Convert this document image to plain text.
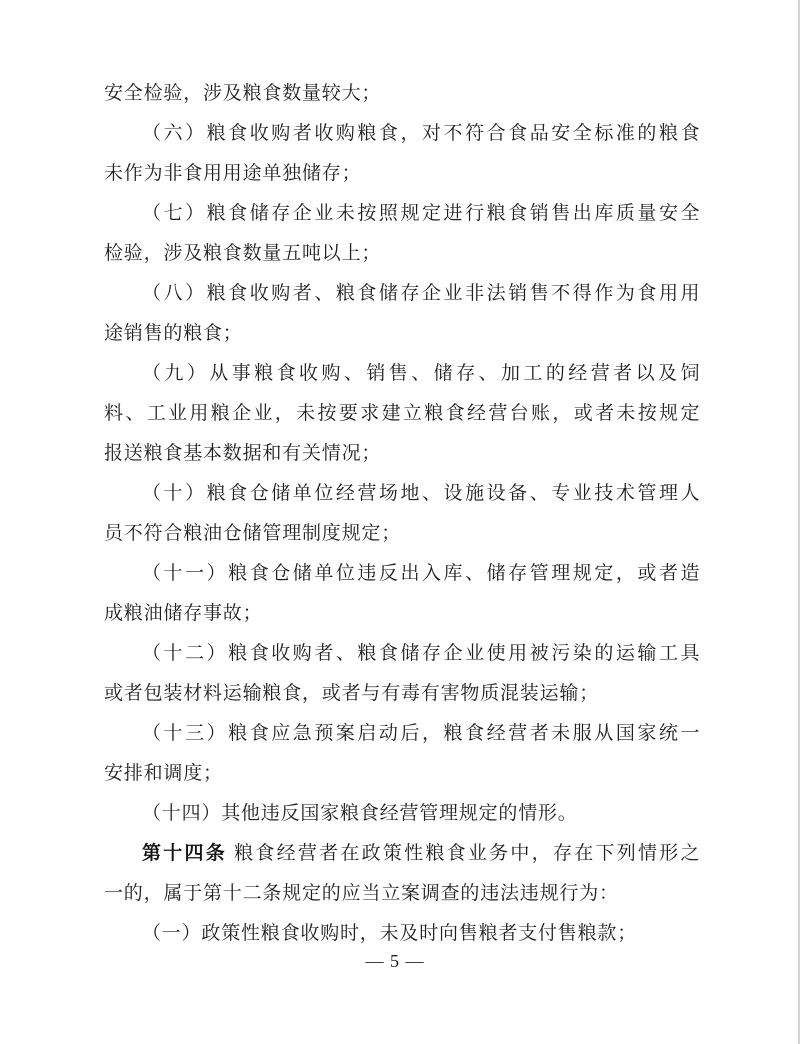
安全检验，涉及粮食数量较大；
（六）粮食收购者收购粮食，对不符合食品安全标准的粮食
未作为非食用用途单独储存；
（七）粮食储存企业未按照规定进行粮食销售出库质量安全
检验，涉及粮食数量五吨以上；
（八）粮食收购者、粮食储存企业非法销售不得作为食用用
途销售的粮食；
（九）从事粮食收购、销售、储存、加工的经营者以及饲
料、工业用粮企业，未按要求建立粮食经营台账，或者未按规定
报送粮食基本数据和有关情况；
（十）粮食仓储单位经营场地、设施设备、专业技术管理人
员不符合粮油仓储管理制度规定；
（十一）粮食仓储单位违反出入库、储存管理规定，或者造
成粮油储存事故；
（十二）粮食收购者、粮食储存企业使用被污染的运输工具
或者包装材料运输粮食，或者与有毒有害物质混装运输；
（十三）粮食应急预案启动后，粮食经营者未服从国家统一
安排和调度；
（十四）其他违反国家粮食经营管理规定的情形。
第十四条 粮食经营者在政策性粮食业务中，存在下列情形之
一的，属于第十二条规定的应当立案调查的违法违规行为：
（一）政策性粮食收购时，未及时向售粮者支付售粮款；
— 5 —
